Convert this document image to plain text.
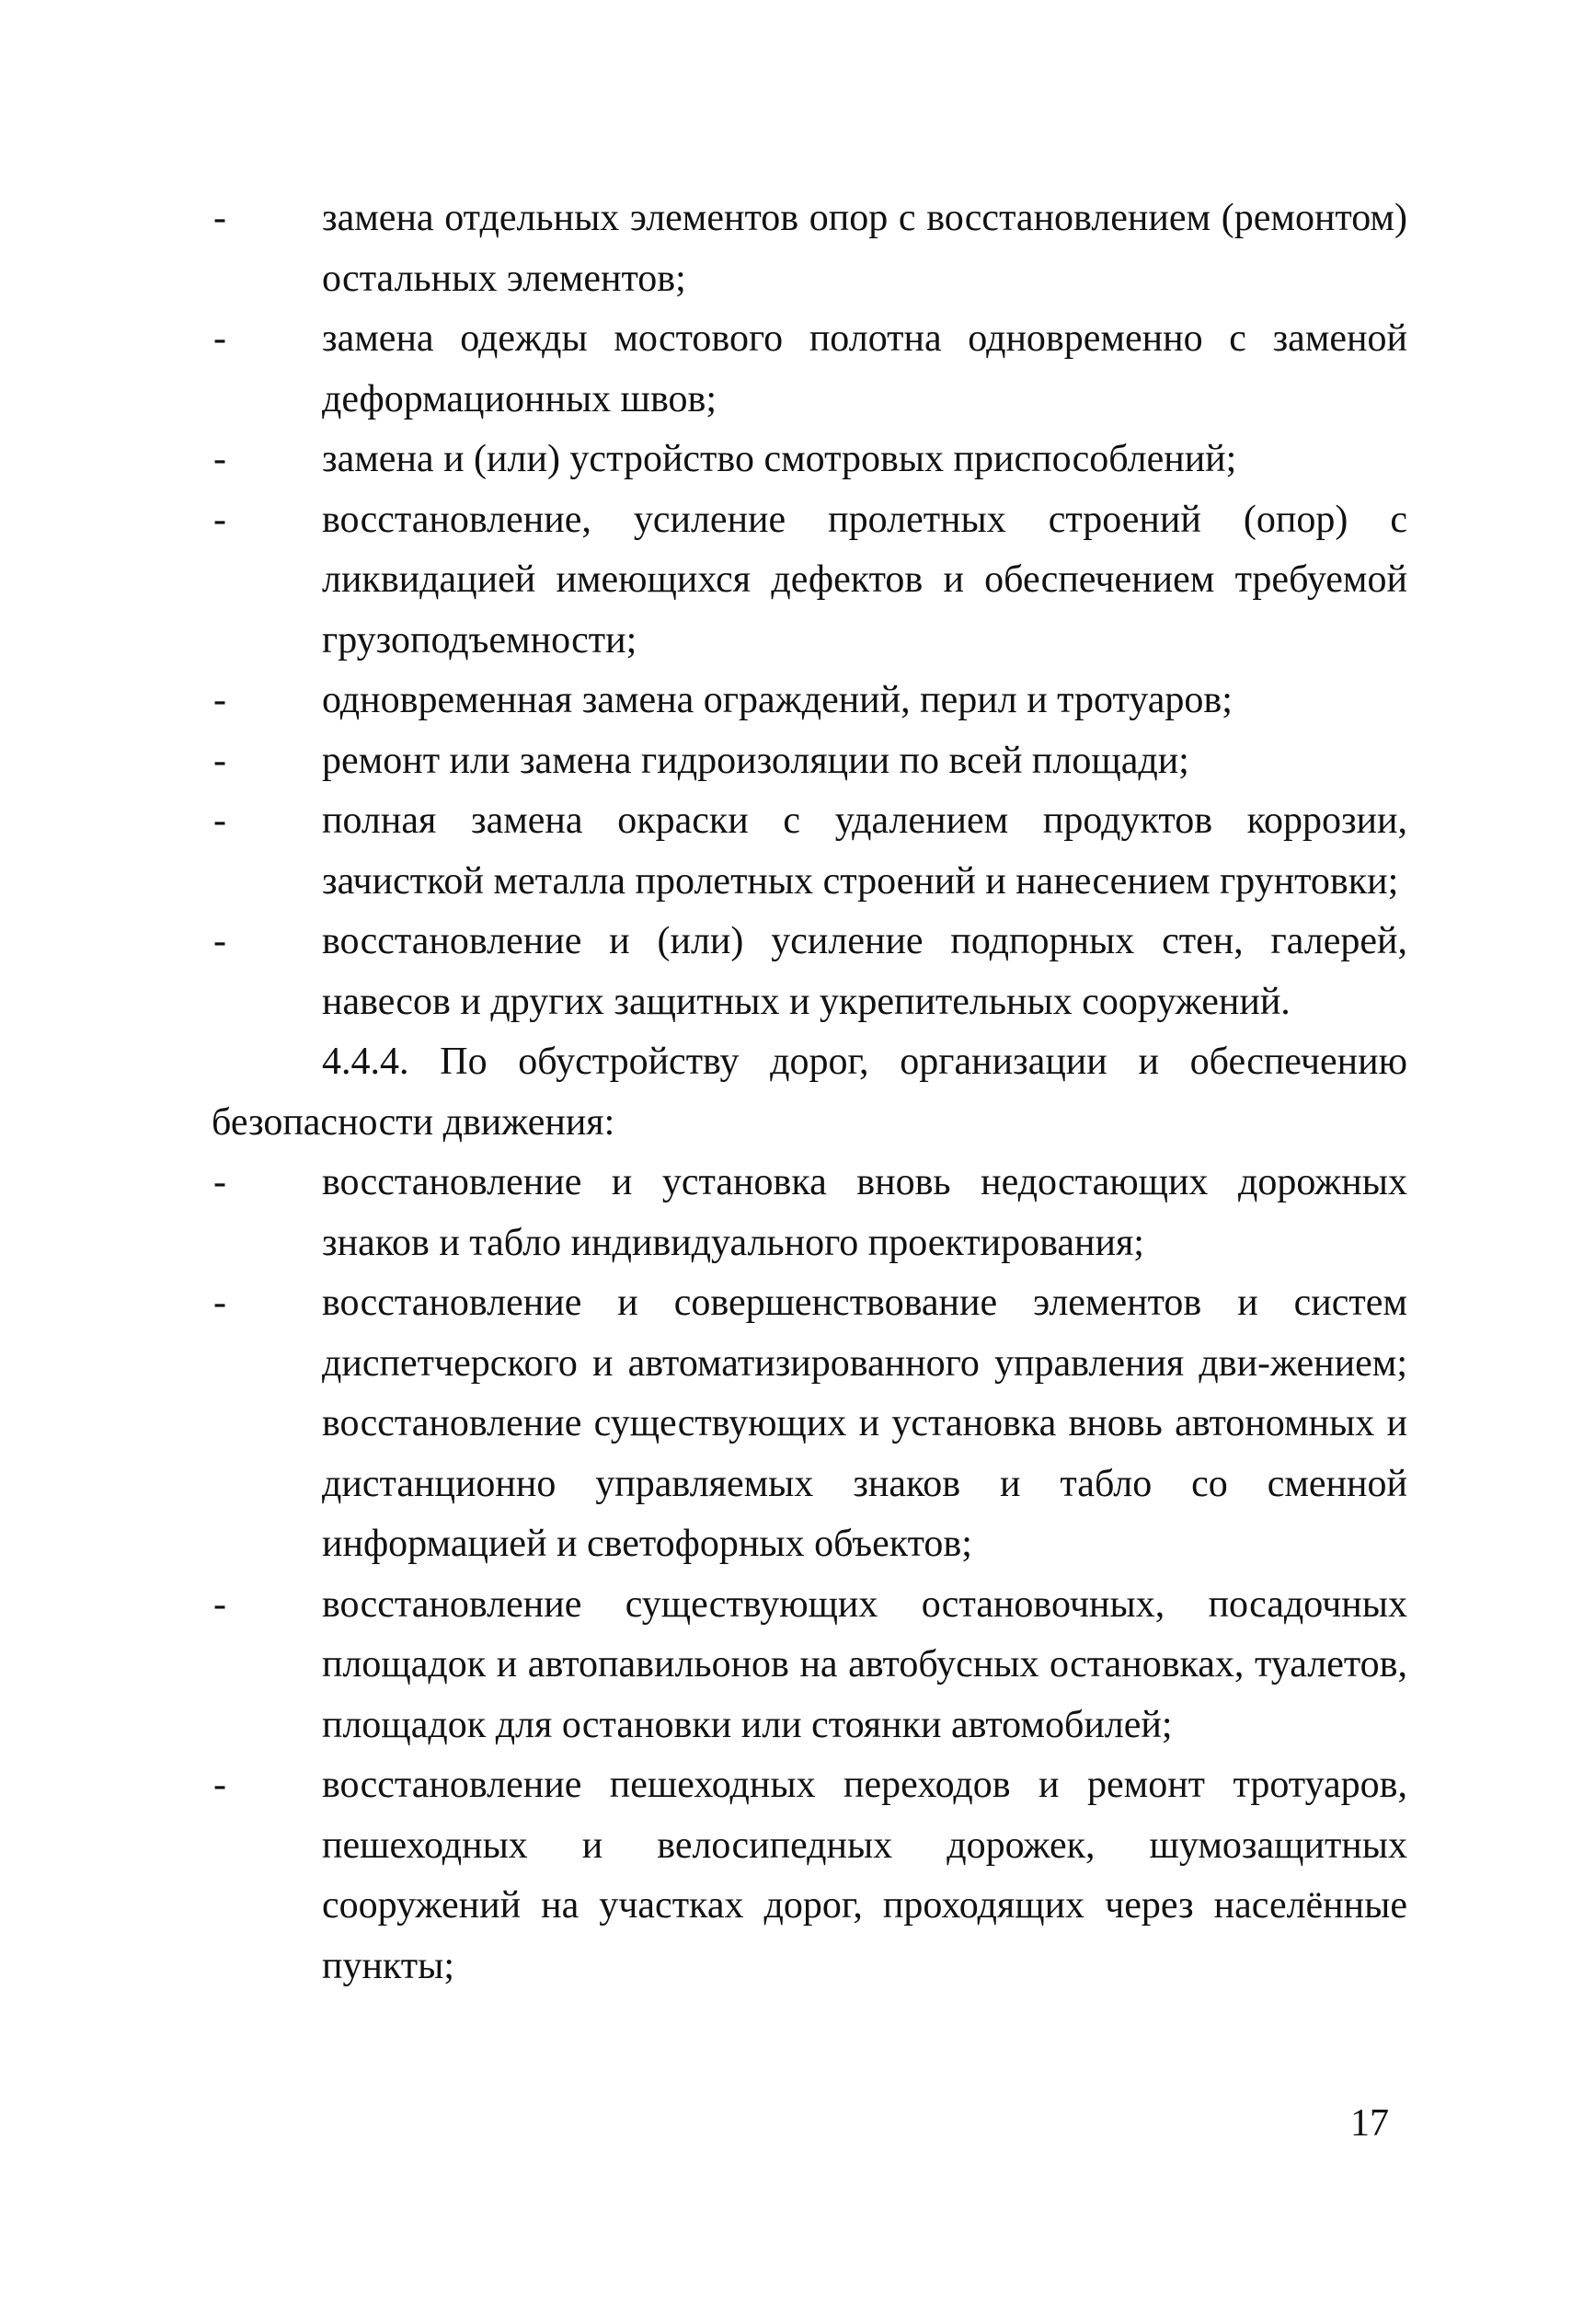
- замена отдельных элементов опор с восстановлением (ремонтом) остальных элементов;
- замена одежды мостового полотна одновременно с заменой деформационных швов;
- замена и (или) устройство смотровых приспособлений;
- восстановление, усиление пролетных строений (опор) с ликвидацией имеющихся дефектов и обеспечением требуемой грузоподъемности;
- одновременная замена ограждений, перил и тротуаров;
- ремонт или замена гидроизоляции по всей площади;
- полная замена окраски с удалением продуктов коррозии, зачисткой металла пролетных строений и нанесением грунтовки;
- восстановление и (или) усиление подпорных стен, галерей, навесов и других защитных и укрепительных сооружений.

4.4.4. По обустройству дорог, организации и обеспечению безопасности движения:

- восстановление и установка вновь недостающих дорожных знаков и табло индивидуального проектирования;
- восстановление и совершенствование элементов и систем диспетчерского и автоматизированного управления дви-жением; восстановление существующих и установка вновь автономных и дистанционно управляемых знаков и табло со сменной информацией и светофорных объектов;
- восстановление существующих остановочных, посадочных площадок и автопавильонов на автобусных остановках, туалетов, площадок для остановки или стоянки автомобилей;
- восстановление пешеходных переходов и ремонт тротуаров, пешеходных и велосипедных дорожек, шумозащитных сооружений на участках дорог, проходящих через населённые пункты;
17
